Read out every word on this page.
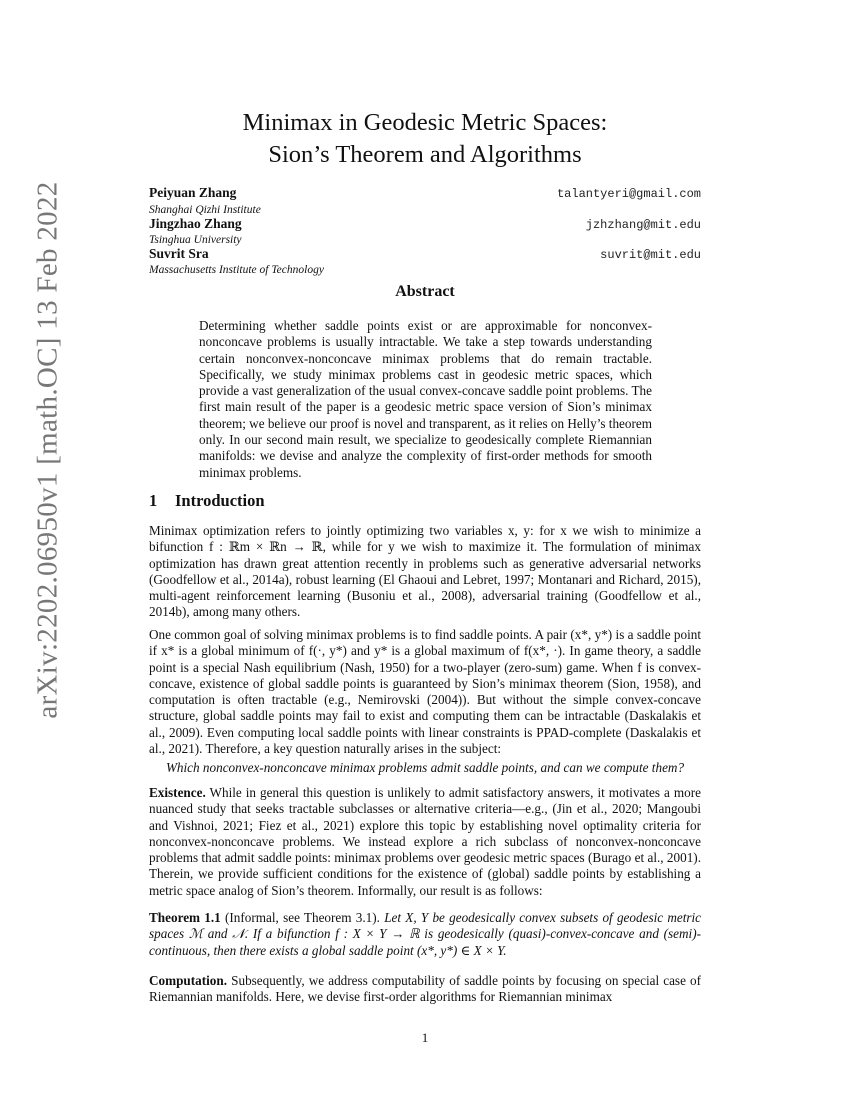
arXiv:2202.06950v1 [math.OC] 13 Feb 2022
Minimax in Geodesic Metric Spaces:
Sion’s Theorem and Algorithms
Peiyuan Zhang
Shanghai Qizhi Institute
talantyeri@gmail.com
Jingzhao Zhang
Tsinghua University
jzhzhang@mit.edu
Suvrit Sra
Massachusetts Institute of Technology
suvrit@mit.edu
Abstract
Determining whether saddle points exist or are approximable for nonconvex-nonconcave problems is usually intractable. We take a step towards understanding certain nonconvex-nonconcave minimax problems that do remain tractable. Specifically, we study minimax problems cast in geodesic metric spaces, which provide a vast generalization of the usual convex-concave saddle point problems. The first main result of the paper is a geodesic metric space version of Sion’s minimax theorem; we believe our proof is novel and transparent, as it relies on Helly’s theorem only. In our second main result, we specialize to geodesically complete Riemannian manifolds: we devise and analyze the complexity of first-order methods for smooth minimax problems.
1 Introduction
Minimax optimization refers to jointly optimizing two variables x, y: for x we wish to minimize a bifunction f : ℝm × ℝn → ℝ, while for y we wish to maximize it. The formulation of minimax optimization has drawn great attention recently in problems such as generative adversarial networks (Goodfellow et al., 2014a), robust learning (El Ghaoui and Lebret, 1997; Montanari and Richard, 2015), multi-agent reinforcement learning (Busoniu et al., 2008), adversarial training (Goodfellow et al., 2014b), among many others.
One common goal of solving minimax problems is to find saddle points. A pair (x*, y*) is a saddle point if x* is a global minimum of f(·, y*) and y* is a global maximum of f(x*, ·). In game theory, a saddle point is a special Nash equilibrium (Nash, 1950) for a two-player (zero-sum) game. When f is convex-concave, existence of global saddle points is guaranteed by Sion’s minimax theorem (Sion, 1958), and computation is often tractable (e.g., Nemirovski (2004)). But without the simple convex-concave structure, global saddle points may fail to exist and computing them can be intractable (Daskalakis et al., 2009). Even computing local saddle points with linear constraints is PPAD-complete (Daskalakis et al., 2021). Therefore, a key question naturally arises in the subject:
Which nonconvex-nonconcave minimax problems admit saddle points, and can we compute them?
Existence. While in general this question is unlikely to admit satisfactory answers, it motivates a more nuanced study that seeks tractable subclasses or alternative criteria—e.g., (Jin et al., 2020; Mangoubi and Vishnoi, 2021; Fiez et al., 2021) explore this topic by establishing novel optimality criteria for nonconvex-nonconcave problems. We instead explore a rich subclass of nonconvex-nonconcave problems that admit saddle points: minimax problems over geodesic metric spaces (Burago et al., 2001). Therein, we provide sufficient conditions for the existence of (global) saddle points by establishing a metric space analog of Sion’s theorem. Informally, our result is as follows:
Theorem 1.1 (Informal, see Theorem 3.1). Let X, Y be geodesically convex subsets of geodesic metric spaces ℳ and 𝒩. If a bifunction f : X × Y → ℝ is geodesically (quasi)-convex-concave and (semi)-continuous, then there exists a global saddle point (x*, y*) ∈ X × Y.
Computation. Subsequently, we address computability of saddle points by focusing on special case of Riemannian manifolds. Here, we devise first-order algorithms for Riemannian minimax
1
